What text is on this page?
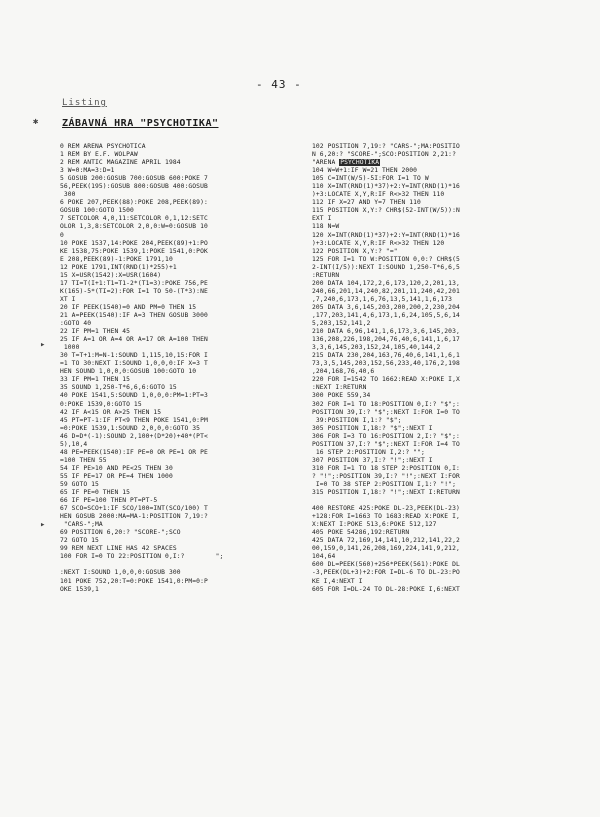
- 43 -
Listing
ZÁBAVNÁ HRA "PSYCHOTIKA"
✱
▸
▸
0 REM ARENA PSYCHOTICA
1 REM BY E.F. WOLPAW
2 REM ANTIC MAGAZINE APRIL 1984
3 W=0:MA=3:D=1
5 GOSUB 200:GOSUB 700:GOSUB 600:POKE 7
56,PEEK(195):GOSUB 800:GOSUB 400:GOSUB
300
6 POKE 207,PEEK(88):POKE 208,PEEK(89):
GOSUB 100:GOTO 1500
7 SETCOLOR 4,0,11:SETCOLOR 0,1,12:SETC
OLOR 1,3,8:SETCOLOR 2,0,0:W=0:GOSUB 10
0
10 POKE 1537,14:POKE 204,PEEK(89)+1:PO
KE 1538,75:POKE 1539,1:POKE 1541,0:POK
E 208,PEEK(89)-1:POKE 1791,10
12 POKE 1791,INT(RND(1)*255)+1
15 X=USR(1542):X=USR(1604)
17 TI=T(I+1:T1=T1-2*(T1=3):POKE 756,PE
K(165)-5*(TI=2):FOR I=1 TO 50-(T*3):NE
XT I
20 IF PEEK(1540)=0 AND PM=0 THEN 15
21 A=PEEK(1540):IF A=3 THEN GOSUB 3000
:GOTO 40
22 IF PM=1 THEN 45
25 IF A=1 OR A=4 OR A=17 OR A=100 THEN
1000
30 T=T+1:M=N-1:SOUND 1,115,10,15:FOR I
=1 TO 30:NEXT I:SOUND 1,0,0,0:IF X=3 T
HEN SOUND 1,0,0,0:GOSUB 100:GOTO 10
33 IF PM=1 THEN 15
35 SOUND 1,250-T*6,6,6:GOTO 15
40 POKE 1541,5:SOUND 1,0,0,0:PM=1:PT=3
0:POKE 1539,0:GOTO 15
42 IF A<15 OR A>25 THEN 15
45 PT=PT-1:IF PT<9 THEN POKE 1541,0:PM
=0:POKE 1539,1:SOUND 2,0,0,0:GOTO 35
46 D=D*(-1):SOUND 2,100+(D*20)+40*(PT<
5),10,4
48 PE=PEEK(1540):IF PE=0 OR PE=1 OR PE
=100 THEN 55
54 IF PE>10 AND PE<25 THEN 30
55 IF PE=17 OR PE=4 THEN 1000
59 GOTO 15
65 IF PE=0 THEN 15
66 IF PE=100 THEN PT=PT-5
67 SCO=SCO+1:IF SCO/100=INT(SCO/100) T
HEN GOSUB 2000:MA=MA-1:POSITION 7,19:?
"CARS-";MA
69 POSITION 6,20:? "SCORE-";SCO
72 GOTO 15
99 REM NEXT LINE HAS 42 SPACES
100 FOR I=0 TO 22:POSITION 0,I:?        ";
:NEXT I:SOUND 1,0,0,0:GOSUB 300
101 POKE 752,20:T=0:POKE 1541,0:PM=0:P
OKE 1539,1
102 POSITION 7,19:? "CARS-";MA:POSITIO
N 6,20:? "SCORE-";SCO:POSITION 2,21:?
"ARENA PSYCHOTIKA
104 W=W+1:IF W=21 THEN 2000
105 C=INT(W/5)-5I:FOR I=1 TO W
110 X=INT(RND(1)*37)+2:Y=INT(RND(1)*16
)+3:LOCATE X,Y,R:IF R<>32 THEN 110
112 IF X=27 AND Y=7 THEN 110
115 POSITION X,Y:? CHR$(52-INT(W/5)):N
EXT I
118 N=W
120 X=INT(RND(1)*37)+2:Y=INT(RND(1)*16
)+3:LOCATE X,Y,R:IF R<>32 THEN 120
122 POSITION X,Y:? "="
125 FOR I=1 TO W:POSITION 0,0:? CHR$(5
2-INT(I/5)):NEXT I:SOUND 1,250-T*6,6,5
:RETURN
200 DATA 104,172,2,6,173,120,2,201,13,
240,66,201,14,240,82,201,11,240,42,201
,7,240,6,173,1,6,76,13,5,141,1,6,173
205 DATA 3,6,145,203,200,200,2,230,204
,177,203,141,4,6,173,1,6,24,105,5,6,14
5,203,152,141,2
210 DATA 6,96,141,1,6,173,3,6,145,203,
136,208,226,198,204,76,40,6,141,1,6,17
3,3,6,145,203,152,24,105,40,144,2
215 DATA 230,204,163,76,40,6,141,1,6,1
73,3,5,145,203,152,56,233,40,176,2,198
,204,168,76,40,6
220 FOR I=1542 TO 1662:READ X:POKE I,X
:NEXT I:RETURN
300 POKE 559,34
302 FOR I=1 TO 18:POSITION 0,I:? "$";:
POSITION 39,I:? "$";:NEXT I:FOR I=0 TO
39:POSITION I,1:? "$";
305 POSITION I,18:? "$";:NEXT I
306 FOR I=3 TO 16:POSITION 2,I:? "$";:
POSITION 37,I:? "$";:NEXT I:FOR I=4 TO
16 STEP 2:POSITION I,2:? "";
307 POSITION 37,I:? "!";:NEXT I
310 FOR I=1 TO 18 STEP 2:POSITION 0,I:
? "!";:POSITION 39,I:? "!";:NEXT I:FOR
I=0 TO 38 STEP 2:POSITION I,1:? "!";
315 POSITION I,18:? "!";:NEXT I:RETURN
400 RESTORE 425:POKE DL-23,PEEK(DL-23)
+128:FOR I=1663 TO 1683:READ X:POKE I,
X:NEXT I:POKE 513,6:POKE 512,127
405 POKE 54286,192:RETURN
425 DATA 72,169,14,141,10,212,141,22,2
00,159,0,141,26,208,169,224,141,9,212,
104,64
600 DL=PEEK(560)+256*PEEK(561):POKE DL
-3,PEEK(DL+3)+2:FOR I=DL-6 TO DL-23:PO
KE I,4:NEXT I
605 FOR I=DL-24 TO DL-28:POKE I,6:NEXT
